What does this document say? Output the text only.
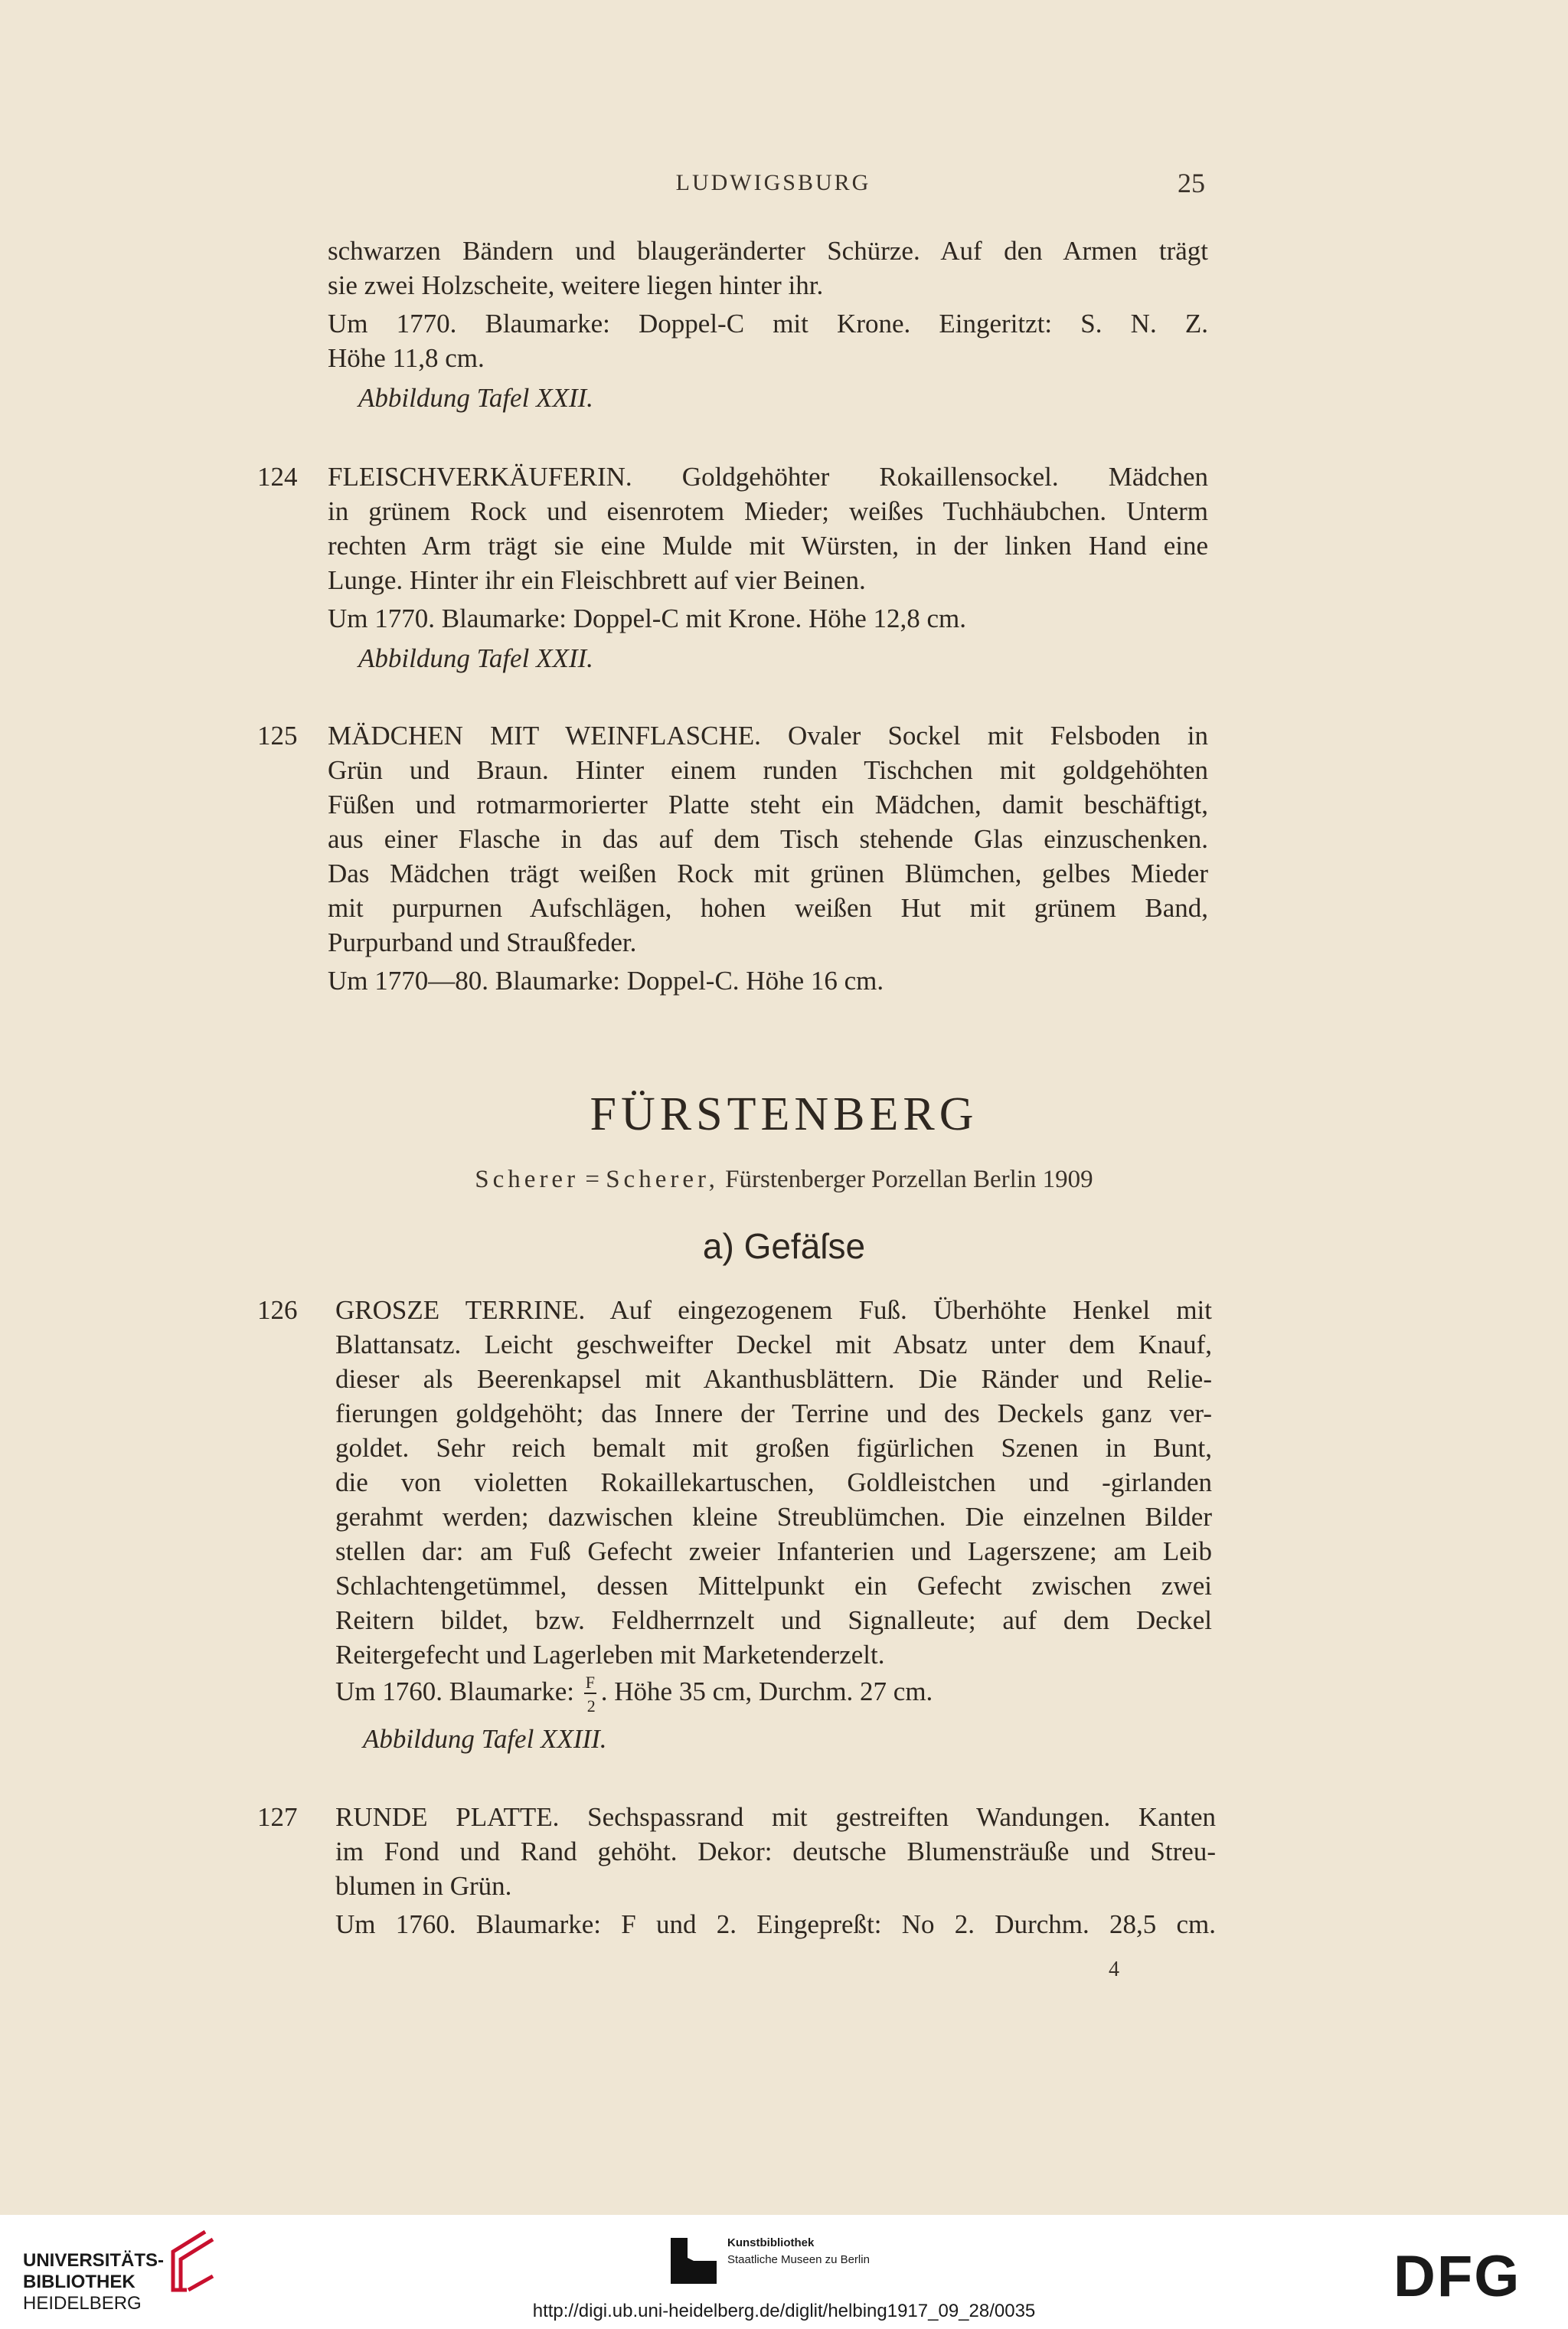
LUDWIGSBURG	25
schwarzen Bändern und blaugeränderter Schürze. Auf den Armen trägt
sie zwei Holzscheite, weitere liegen hinter ihr.
Um 1770. Blaumarke: Doppel-C mit Krone. Eingeritzt: S. N. Z.
Höhe 11,8 cm.
Abbildung Tafel XXII.
124 FLEISCHVERKÄUFERIN. Goldgehöhter Rokaillensockel. Mädchen
in grünem Rock und eisenrotem Mieder; weißes Tuchhäubchen. Unterm
rechten Arm trägt sie eine Mulde mit Würsten, in der linken Hand eine
Lunge. Hinter ihr ein Fleischbrett auf vier Beinen.
Um 1770. Blaumarke: Doppel-C mit Krone. Höhe 12,8 cm.
Abbildung Tafel XXII.
125 MÄDCHEN MIT WEINFLASCHE. Ovaler Sockel mit Felsboden in
Grün und Braun. Hinter einem runden Tischchen mit goldgehöhten
Füßen und rotmarmorierter Platte steht ein Mädchen, damit beschäftigt,
aus einer Flasche in das auf dem Tisch stehende Glas einzuschenken.
Das Mädchen trägt weißen Rock mit grünen Blümchen, gelbes Mieder
mit purpurnen Aufschlägen, hohen weißen Hut mit grünem Band,
Purpurband und Straußfeder.
Um 1770—80. Blaumarke: Doppel-C. Höhe 16 cm.
FÜRSTENBERG
Scherer = Scherer, Fürstenberger Porzellan Berlin 1909
a) Gefäſse
126 GROSZE TERRINE. Auf eingezogenem Fuß. Überhöhte Henkel mit
Blattansatz. Leicht geschweifter Deckel mit Absatz unter dem Knauf,
dieser als Beerenkapsel mit Akanthusblättern. Die Ränder und Relie-
fierungen goldgehöht; das Innere der Terrine und des Deckels ganz ver-
goldet. Sehr reich bemalt mit großen figürlichen Szenen in Bunt,
die von violetten Rokaillekartuschen, Goldleistchen und -girlanden
gerahmt werden; dazwischen kleine Streublümchen. Die einzelnen Bilder
stellen dar: am Fuß Gefecht zweier Infanterien und Lagerszene; am Leib
Schlachtengetümmel, dessen Mittelpunkt ein Gefecht zwischen zwei
Reitern bildet, bzw. Feldherrnzelt und Signalleute; auf dem Deckel
Reitergefecht und Lagerleben mit Marketenderzelt.
Um 1760. Blaumarke: $\frac{F}{2}$ . Höhe 35 cm, Durchm. 27 cm.
Abbildung Tafel XXIII.
127 RUNDE PLATTE. Sechspassrand mit gestreiften Wandungen. Kanten
im Fond und Rand gehöht. Dekor: deutsche Blumensträuße und Streu-
blumen in Grün.
Um 1760. Blaumarke: F und 2. Eingepreßt: No 2. Durchm. 28,5 cm.
4
UNIVERSITÄTS-
BIBLIOTHEK
HEIDELBERG
Kunstbibliothek
Staatliche Museen zu Berlin	DFG
http://digi.ub.uni-heidelberg.de/diglit/helbing1917_09_28/0035
